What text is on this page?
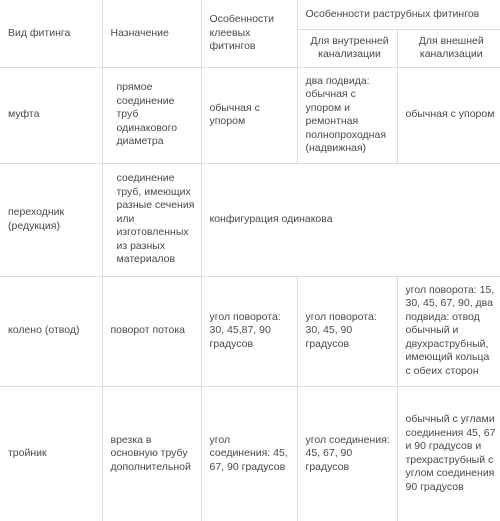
Вид фитинга	Назначение	Особенности клеевых фитингов	Особенности раструбных фитингов	
			Для внутренней канализации	Для внешней канализации
муфта	прямое соединение труб одинакового диаметра	обычная с упором	два подвида: обычная с упором и ремонтная полнопроходная (надвижная)	обычная с упором
переходник (редукция)	соединение труб, имеющих разные сечения или изготовленных из разных материалов	конфигурация одинакова		
колено (отвод)	поворот потока	угол поворота: 30, 45,87, 90 градусов	угол поворота: 30, 45, 90 градусов	угол поворота: 15, 30, 45, 67, 90, два подвида: отвод обычный и двухраструбный, имеющий кольца с обеих сторон
тройник	врезка в основную трубу дополнительной	угол соединения: 45, 67, 90 градусов	угол соединения: 45, 67, 90 градусов	обычный с углами соединения 45, 67 и 90 градусов и трехраструбный с углом соединения 90 градусов
